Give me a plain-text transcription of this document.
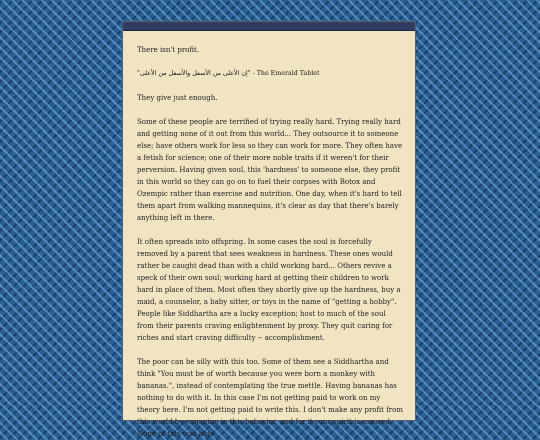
There isn't profit.

"إن الأعلى من الأسفل والأسفل من الأعلى" - The Emerald Tablet

They give just enough.

Some of these people are terrified of trying really hard. Trying really hard and getting none of it out from this world... They outsource it to someone else; have others work for less so they can work for more. They often have a fetish for science; one of their more noble traits if it weren't for their perversion. Having given soul, this 'hardness' to someone else, they profit in this world so they can go on to fuel their corpses with Botox and Ozempic rather than exercise and nutrition. One day, when it's hard to tell them apart from walking mannequins, it's clear as day that there's barely anything left in there.

It often spreads into offspring. In some cases the soul is forcefully removed by a parent that sees weakness in hardness. These ones would rather be caught dead than with a child working hard... Others revive a speck of their own soul; working hard at getting their children to work hard in place of them. Most often they shortly give up the hardness, buy a maid, a counselor, a baby sitter, or toys in the name of "getting a hobby". People like Siddhartha are a lucky exception; host to much of the soul from their parents craving enlightenment by proxy. They quit caring for riches and start craving difficulty -- accomplishment.

The poor can be silly with this too. Some of them see a Siddhartha and think "You must be of worth because you were born a monkey with bananas.", instead of contemplating the true mettle. Having bananas has nothing to do with it. In this case I'm not getting paid to work on my theory here. I'm not getting paid to write this. I don't make any profit from this world by engaging in this behavior, and for it your spirit is assured. None of this was auto-
